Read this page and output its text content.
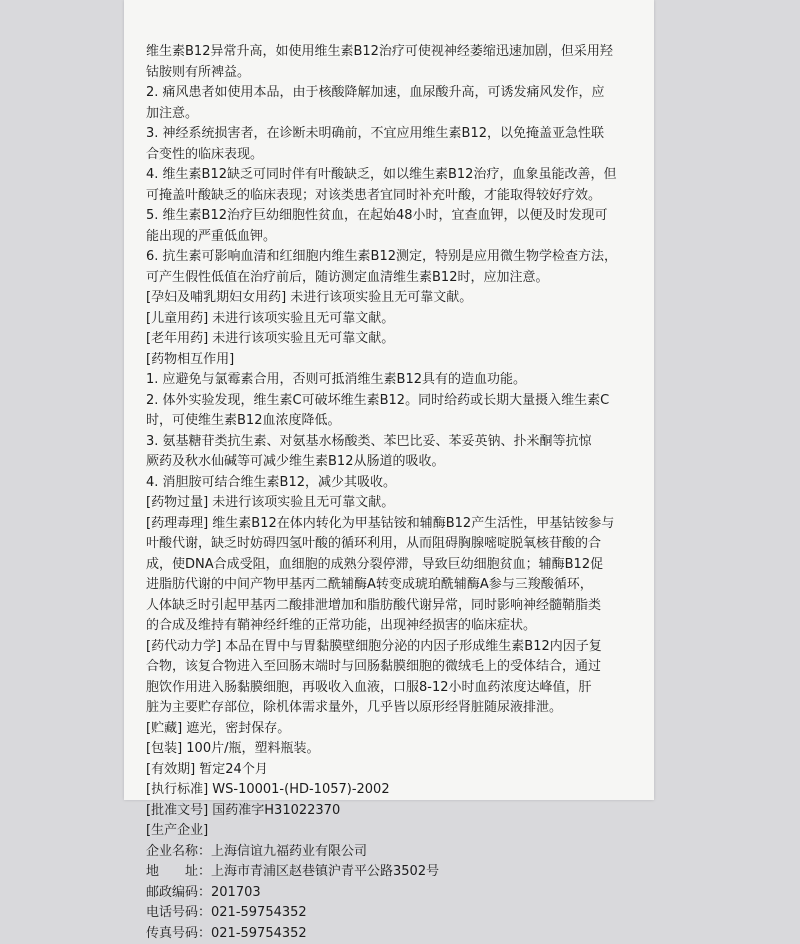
维生素B12异常升高，如使用维生素B12治疗可使视神经萎缩迅速加剧，但采用羟
钴胺则有所裨益。

2. 痛风患者如使用本品，由于核酸降解加速，血尿酸升高，可诱发痛风发作，应
加注意。

3. 神经系统损害者，在诊断未明确前，不宜应用维生素B12，以免掩盖亚急性联
合变性的临床表现。

4. 维生素B12缺乏可同时伴有叶酸缺乏，如以维生素B12治疗，血象虽能改善，但
可掩盖叶酸缺乏的临床表现；对该类患者宜同时补充叶酸，才能取得较好疗效。

5. 维生素B12治疗巨幼细胞性贫血，在起始48小时，宜查血钾，以便及时发现可
能出现的严重低血钾。

6. 抗生素可影响血清和红细胞内维生素B12测定，特别是应用微生物学检查方法，
可产生假性低值在治疗前后，随访测定血清维生素B12时，应加注意。

[孕妇及哺乳期妇女用药] 未进行该项实验且无可靠文献。

[儿童用药] 未进行该项实验且无可靠文献。

[老年用药] 未进行该项实验且无可靠文献。

[药物相互作用]

1. 应避免与氯霉素合用，否则可抵消维生素B12具有的造血功能。

2. 体外实验发现，维生素C可破坏维生素B12。同时给药或长期大量摄入维生素C
时，可使维生素B12血浓度降低。

3. 氨基糖苷类抗生素、对氨基水杨酸类、苯巴比妥、苯妥英钠、扑米酮等抗惊
厥药及秋水仙碱等可减少维生素B12从肠道的吸收。

4. 消胆胺可结合维生素B12，减少其吸收。

[药物过量] 未进行该项实验且无可靠文献。

[药理毒理] 维生素B12在体内转化为甲基钴铵和辅酶B12产生活性，甲基钴铵参与
叶酸代谢，缺乏时妨碍四氢叶酸的循环利用，从而阻碍胸腺嘧啶脱氧核苷酸的合
成，使DNA合成受阻，血细胞的成熟分裂停滞，导致巨幼细胞贫血；辅酶B12促
进脂肪代谢的中间产物甲基丙二酰辅酶A转变成琥珀酰辅酶A参与三羧酸循环，
人体缺乏时引起甲基丙二酸排泄增加和脂肪酸代谢异常，同时影响神经髓鞘脂类
的合成及维持有鞘神经纤维的正常功能，出现神经损害的临床症状。

[药代动力学] 本品在胃中与胃黏膜壁细胞分泌的内因子形成维生素B12内因子复
合物，该复合物进入至回肠末端时与回肠黏膜细胞的微绒毛上的受体结合，通过
胞饮作用进入肠黏膜细胞，再吸收入血液，口服8-12小时血药浓度达峰值，肝
脏为主要贮存部位，除机体需求量外，几乎皆以原形经肾脏随尿液排泄。

[贮藏] 遮光，密封保存。

[包装] 100片/瓶，塑料瓶装。

[有效期] 暂定24个月

[执行标准] WS-10001-(HD-1057)-2002

[批准文号] 国药准字H31022370

[生产企业]

企业名称：上海信谊九福药业有限公司

地　　址：上海市青浦区赵巷镇沪青平公路3502号

邮政编码：201703

电话号码：021-59754352

传真号码：021-59754352
